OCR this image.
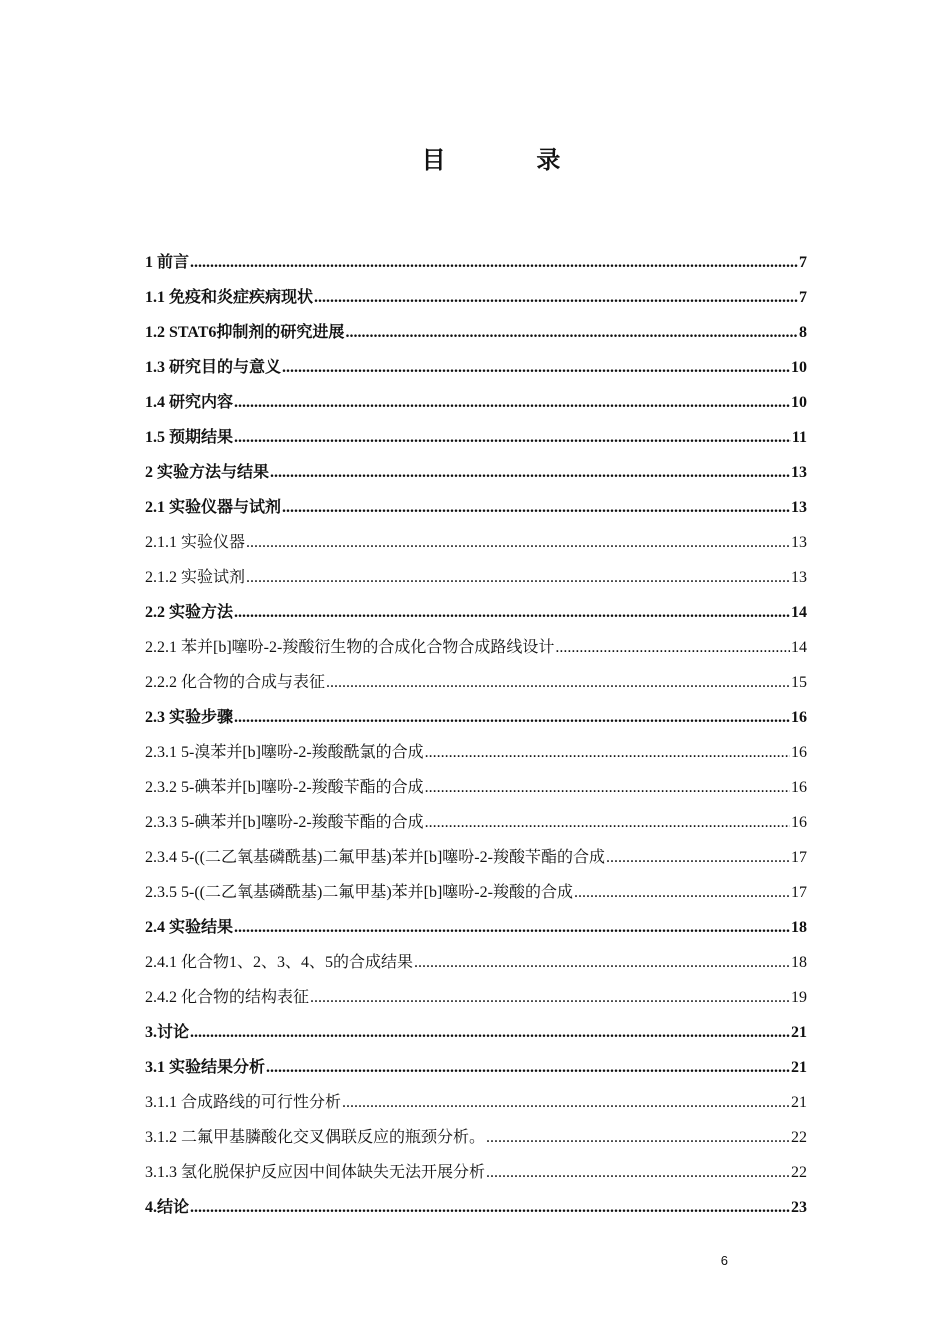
目  录
1 前言 .....	7
1.1 免疫和炎症疾病现状 .....	7
1.2 STAT6抑制剂的研究进展 .....	8
1.3 研究目的与意义 .....	10
1.4 研究内容 .....	10
1.5 预期结果 .....	11
2 实验方法与结果 .....	13
2.1 实验仪器与试剂 .....	13
2.1.1 实验仪器 .....	13
2.1.2 实验试剂 .....	13
2.2 实验方法 .....	14
2.2.1 苯并[b]噻吩-2-羧酸衍生物的合成化合物合成路线设计 .....	14
2.2.2 化合物的合成与表征 .....	15
2.3 实验步骤 .....	16
2.3.1 5-溴苯并[b]噻吩-2-羧酸酰氯的合成 .....	16
2.3.2 5-碘苯并[b]噻吩-2-羧酸苄酯的合成 .....	16
2.3.3 5-碘苯并[b]噻吩-2-羧酸苄酯的合成 .....	16
2.3.4 5-((二乙氧基磷酰基)二氟甲基)苯并[b]噻吩-2-羧酸苄酯的合成 .....	17
2.3.5 5-((二乙氧基磷酰基)二氟甲基)苯并[b]噻吩-2-羧酸的合成 .....	17
2.4 实验结果 .....	18
2.4.1 化合物1、2、3、4、5的合成结果 .....	18
2.4.2 化合物的结构表征 .....	19
3.讨论 .....	21
3.1 实验结果分析 .....	21
3.1.1 合成路线的可行性分析 .....	21
3.1.2 二氟甲基膦酸化交叉偶联反应的瓶颈分析。 .....	22
3.1.3 氢化脱保护反应因中间体缺失无法开展分析 .....	22
4.结论 .....	23
6
